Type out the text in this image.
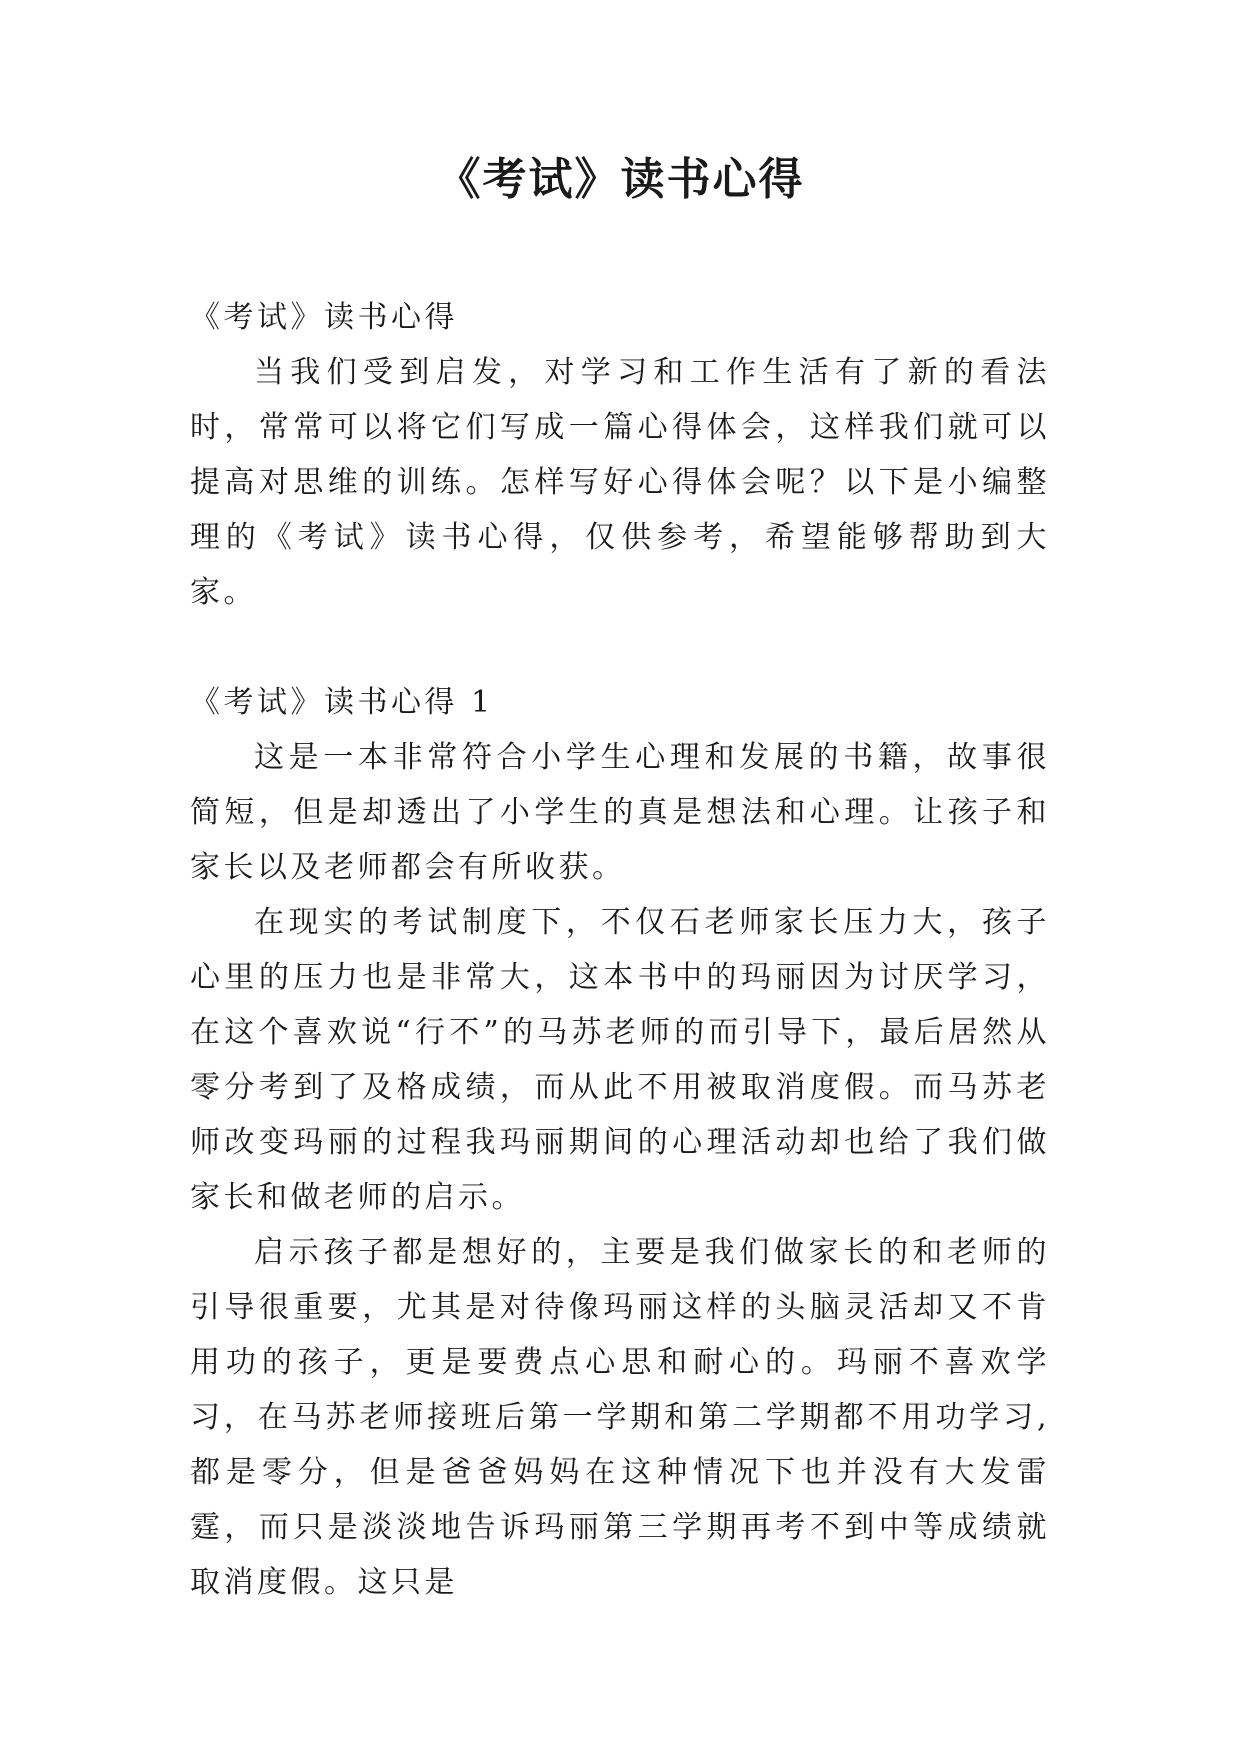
《考试》读书心得

《考试》读书心得

当我们受到启发，对学习和工作生活有了新的看法时，常常可以将它们写成一篇心得体会，这样我们就可以提高对思维的训练。怎样写好心得体会呢？以下是小编整理的《考试》读书心得，仅供参考，希望能够帮助到大家。

《考试》读书心得 1

这是一本非常符合小学生心理和发展的书籍，故事很简短，但是却透出了小学生的真是想法和心理。让孩子和家长以及老师都会有所收获。

在现实的考试制度下，不仅石老师家长压力大，孩子心里的压力也是非常大，这本书中的玛丽因为讨厌学习，在这个喜欢说“行不”的马苏老师的而引导下，最后居然从零分考到了及格成绩，而从此不用被取消度假。而马苏老师改变玛丽的过程我玛丽期间的心理活动却也给了我们做家长和做老师的启示。

启示孩子都是想好的，主要是我们做家长的和老师的引导很重要，尤其是对待像玛丽这样的头脑灵活却又不肯用功的孩子，更是要费点心思和耐心的。玛丽不喜欢学习，在马苏老师接班后第一学期和第二学期都不用功学习,都是零分，但是爸爸妈妈在这种情况下也并没有大发雷霆，而只是淡淡地告诉玛丽第三学期再考不到中等成绩就取消度假。这只是
